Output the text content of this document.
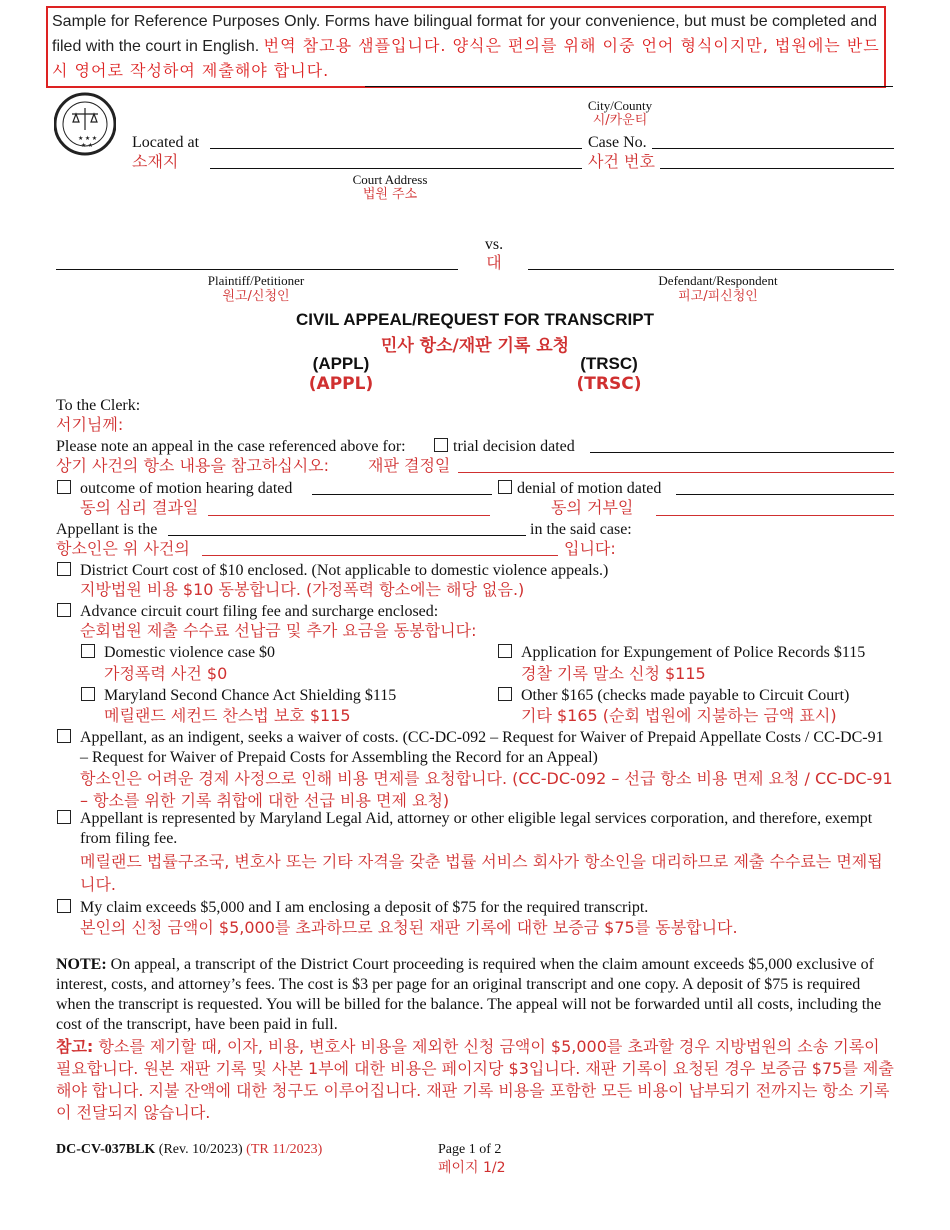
★ ★ ★
★ ★
Sample for Reference Purposes Only. Forms have bilingual format for your convenience, but must be completed and filed with the court in English. 번역 참고용 샘플입니다. 양식은 편의를 위해 이중 언어 형식이지만, 법원에는 반드시 영어로 작성하여 제출해야 합니다.
City/County
시/카운티
Located at
소재지
Case No.
사건 번호
Court Address
법원 주소
vs.
대
Plaintiff/Petitioner
원고/신청인
Defendant/Respondent
피고/피신청인
CIVIL APPEAL/REQUEST FOR TRANSCRIPT
민사 항소/재판 기록 요청
(APPL)
(APPL)
(TRSC)
(TRSC)
To the Clerk:
서기님께:
Please note an appeal in the case referenced above for:	trial decision dated
상기 사건의 항소 내용을 참고하십시오: 재판 결정일
outcome of motion hearing dated	denial of motion dated
동의 심리 결과일	동의 거부일
Appellant is the	in the said case:
항소인은 위 사건의	입니다:
District Court cost of $10 enclosed. (Not applicable to domestic violence appeals.)
지방법원 비용 $10 동봉합니다. (가정폭력 항소에는 해당 없음.)
Advance circuit court filing fee and surcharge enclosed:
순회법원 제출 수수료 선납금 및 추가 요금을 동봉합니다:
Domestic violence case $0
가정폭력 사건 $0
Application for Expungement of Police Records $115
경찰 기록 말소 신청 $115
Maryland Second Chance Act Shielding $115
메릴랜드 세컨드 찬스법 보호 $115
Other $165 (checks made payable to Circuit Court)
기타 $165 (순회 법원에 지불하는 금액 표시)
Appellant, as an indigent, seeks a waiver of costs. (CC-DC-092 – Request for Waiver of Prepaid Appellate Costs / CC-DC-91 – Request for Waiver of Prepaid Costs for Assembling the Record for an Appeal)
항소인은 어려운 경제 사정으로 인해 비용 면제를 요청합니다. (CC-DC-092 – 선급 항소 비용 면제 요청 / CC-DC-91 – 항소를 위한 기록 취합에 대한 선급 비용 면제 요청)
Appellant is represented by Maryland Legal Aid, attorney or other eligible legal services corporation, and therefore, exempt from filing fee.
메릴랜드 법률구조국, 변호사 또는 기타 자격을 갖춘 법률 서비스 회사가 항소인을 대리하므로 제출 수수료는 면제됩니다.
My claim exceeds $5,000 and I am enclosing a deposit of $75 for the required transcript.
본인의 신청 금액이 $5,000를 초과하므로 요청된 재판 기록에 대한 보증금 $75를 동봉합니다.
NOTE: On appeal, a transcript of the District Court proceeding is required when the claim amount exceeds $5,000 exclusive of interest, costs, and attorney’s fees. The cost is $3 per page for an original transcript and one copy. A deposit of $75 is required when the transcript is requested. You will be billed for the balance. The appeal will not be forwarded until all costs, including the cost of the transcript, have been paid in full.
참고: 항소를 제기할 때, 이자, 비용, 변호사 비용을 제외한 신청 금액이 $5,000를 초과할 경우 지방법원의 소송 기록이 필요합니다. 원본 재판 기록 및 사본 1부에 대한 비용은 페이지당 $3입니다. 재판 기록이 요청된 경우 보증금 $75를 제출해야 합니다. 지불 잔액에 대한 청구도 이루어집니다. 재판 기록 비용을 포함한 모든 비용이 납부되기 전까지는 항소 기록이 전달되지 않습니다.
DC-CV-037BLK (Rev. 10/2023) (TR 11/2023)	Page 1 of 2
페이지 1/2
